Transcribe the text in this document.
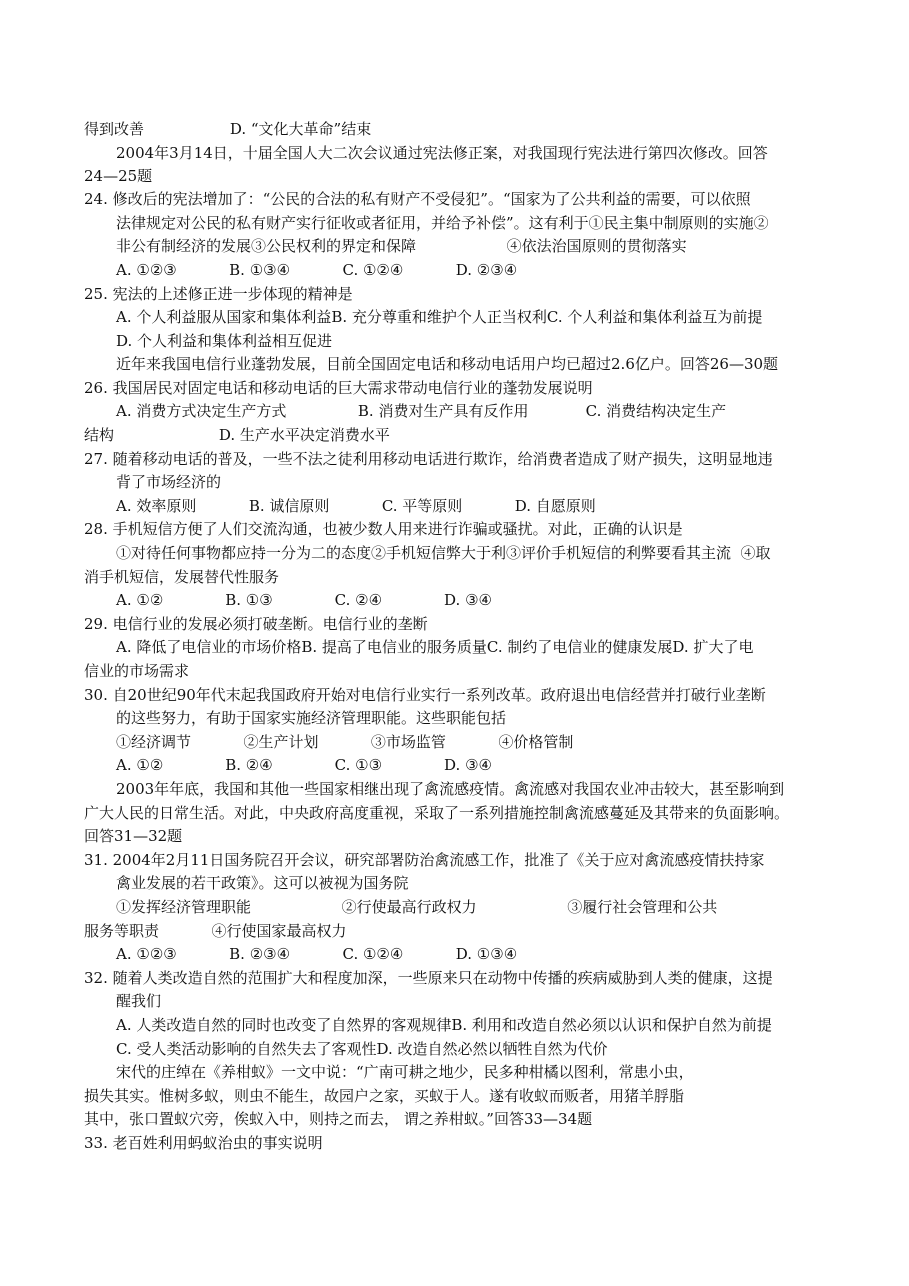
得到改善                  D. “文化大革命”结束
2004年3月14日，十届全国人大二次会议通过宪法修正案，对我国现行宪法进行第四次修改。回答
24—25题
24. 修改后的宪法增加了：“公民的合法的私有财产不受侵犯”。“国家为了公共利益的需要，可以依照
法律规定对公民的私有财产实行征收或者征用，并给予补偿”。这有利于①民主集中制原则的实施②
非公有制经济的发展③公民权利的界定和保障                   ④依法治国原则的贯彻落实
A. ①②③           B. ①③④           C. ①②④           D. ②③④
25. 宪法的上述修正进一步体现的精神是
A. 个人利益服从国家和集体利益B. 充分尊重和维护个人正当权利C. 个人利益和集体利益互为前提
D. 个人利益和集体利益相互促进
近年来我国电信行业蓬勃发展，目前全国固定电话和移动电话用户均已超过2.6亿户。回答26—30题
26. 我国居民对固定电话和移动电话的巨大需求带动电信行业的蓬勃发展说明
A. 消费方式决定生产方式               B. 消费对生产具有反作用            C. 消费结构决定生产
结构                      D. 生产水平决定消费水平
27. 随着移动电话的普及，一些不法之徒利用移动电话进行欺诈，给消费者造成了财产损失，这明显地违
背了市场经济的
A. 效率原则           B. 诚信原则           C. 平等原则           D. 自愿原则
28. 手机短信方便了人们交流沟通，也被少数人用来进行诈骗或骚扰。对此，正确的认识是
①对待任何事物都应持一分为二的态度②手机短信弊大于利③评价手机短信的利弊要看其主流  ④取
消手机短信，发展替代性服务
A. ①②             B. ①③             C. ②④             D. ③④
29. 电信行业的发展必须打破垄断。电信行业的垄断
A. 降低了电信业的市场价格B. 提高了电信业的服务质量C. 制约了电信业的健康发展D. 扩大了电
信业的市场需求
30. 自20世纪90年代末起我国政府开始对电信行业实行一系列改革。政府退出电信经营并打破行业垄断
的这些努力，有助于国家实施经济管理职能。这些职能包括
①经济调节           ②生产计划           ③市场监管           ④价格管制
A. ①②             B. ②④             C. ①③             D. ③④
2003年年底，我国和其他一些国家相继出现了禽流感疫情。禽流感对我国农业冲击较大，甚至影响到
广大人民的日常生活。对此，中央政府高度重视，采取了一系列措施控制禽流感蔓延及其带来的负面影响。
回答31—32题
31. 2004年2月11日国务院召开会议，研究部署防治禽流感工作，批准了《关于应对禽流感疫情扶持家
禽业发展的若干政策》。这可以被视为国务院
①发挥经济管理职能                   ②行使最高行政权力                   ③履行社会管理和公共
服务等职责           ④行使国家最高权力
A. ①②③           B. ②③④           C. ①②④           D. ①③④
32. 随着人类改造自然的范围扩大和程度加深，一些原来只在动物中传播的疾病威胁到人类的健康，这提
醒我们
A. 人类改造自然的同时也改变了自然界的客观规律B. 利用和改造自然必须以认识和保护自然为前提
C. 受人类活动影响的自然失去了客观性D. 改造自然必然以牺牲自然为代价
宋代的庄绰在《养柑蚁》一文中说：“广南可耕之地少，民多种柑橘以图利，常患小虫，
损失其实。惟树多蚁，则虫不能生，故园户之家，买蚁于人。遂有收蚁而贩者，用猪羊脬脂
其中，张口置蚁穴旁，俟蚁入中，则持之而去， 谓之养柑蚁。”回答33—34题
33. 老百姓利用蚂蚁治虫的事实说明
